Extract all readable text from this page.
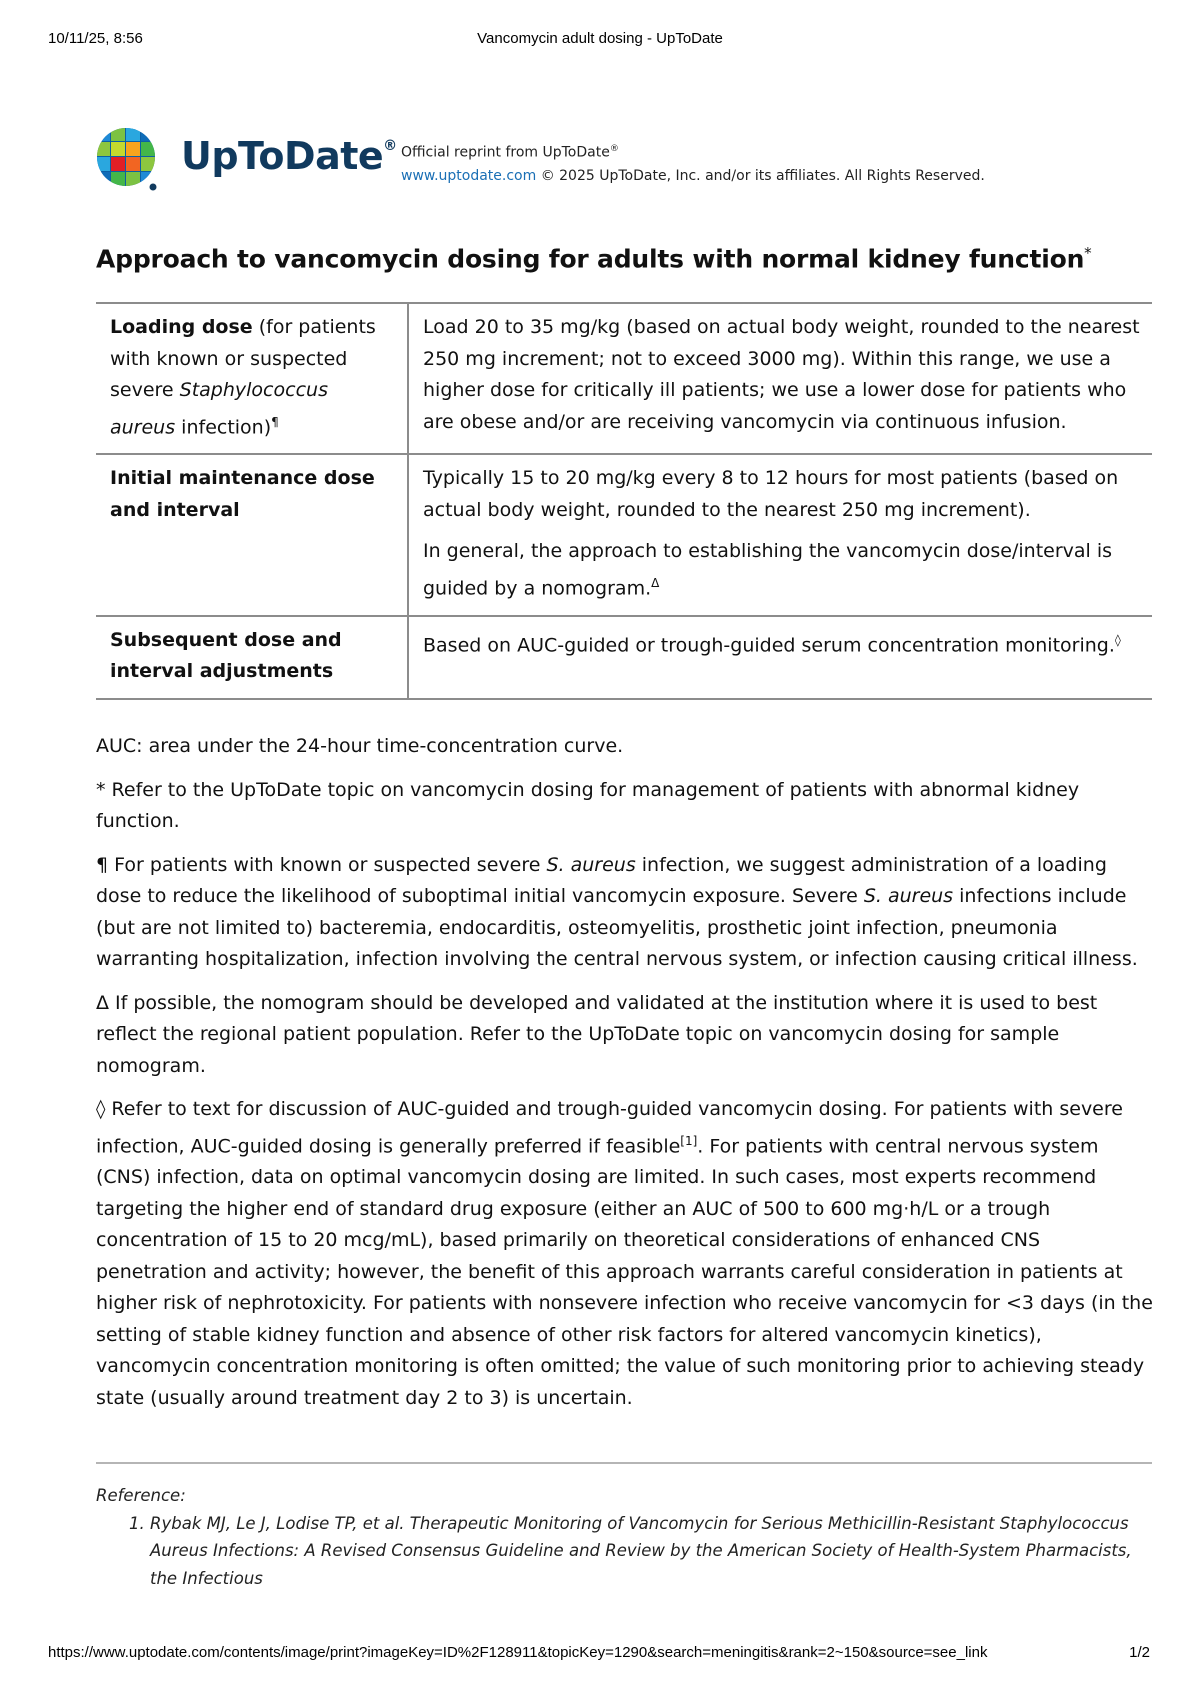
10/11/25, 8:56	Vancomycin adult dosing - UpToDate
UpToDate® Official reprint from UpToDate®
www.uptodate.com © 2025 UpToDate, Inc. and/or its affiliates. All Rights Reserved.
Approach to vancomycin dosing for adults with normal kidney function*
Loading dose (for patients with known or suspected severe Staphylococcus aureus infection)¶	Load 20 to 35 mg/kg (based on actual body weight, rounded to the nearest 250 mg increment; not to exceed 3000 mg). Within this range, we use a higher dose for critically ill patients; we use a lower dose for patients who are obese and/or are receiving vancomycin via continuous infusion.

Initial maintenance dose and interval	Typically 15 to 20 mg/kg every 8 to 12 hours for most patients (based on actual body weight, rounded to the nearest 250 mg increment).

In general, the approach to establishing the vancomycin dose/interval is guided by a nomogram.$^\Delta$

Subsequent dose and interval adjustments	Based on AUC-guided or trough-guided serum concentration monitoring.◊

AUC: area under the 24-hour time-concentration curve.

* Refer to the UpToDate topic on vancomycin dosing for management of patients with abnormal kidney function.

¶ For patients with known or suspected severe S. aureus infection, we suggest administration of a loading dose to reduce the likelihood of suboptimal initial vancomycin exposure. Severe S. aureus infections include (but are not limited to) bacteremia, endocarditis, osteomyelitis, prosthetic joint infection, pneumonia warranting hospitalization, infection involving the central nervous system, or infection causing critical illness.

Δ If possible, the nomogram should be developed and validated at the institution where it is used to best reflect the regional patient population. Refer to the UpToDate topic on vancomycin dosing for sample nomogram.

◊ Refer to text for discussion of AUC-guided and trough-guided vancomycin dosing. For patients with severe infection, AUC-guided dosing is generally preferred if feasible[1]. For patients with central nervous system (CNS) infection, data on optimal vancomycin dosing are limited. In such cases, most experts recommend targeting the higher end of standard drug exposure (either an AUC of 500 to 600 mg·h/L or a trough concentration of 15 to 20 mcg/mL), based primarily on theoretical considerations of enhanced CNS penetration and activity; however, the benefit of this approach warrants careful consideration in patients at higher risk of nephrotoxicity. For patients with nonsevere infection who receive vancomycin for <3 days (in the setting of stable kidney function and absence of other risk factors for altered vancomycin kinetics), vancomycin concentration monitoring is often omitted; the value of such monitoring prior to achieving steady state (usually around treatment day 2 to 3) is uncertain.

Reference:

1. Rybak MJ, Le J, Lodise TP, et al. Therapeutic Monitoring of Vancomycin for Serious Methicillin-Resistant Staphylococcus Aureus Infections: A Revised Consensus Guideline and Review by the American Society of Health-System Pharmacists, the Infectious
https://www.uptodate.com/contents/image/print?imageKey=ID%2F128911&topicKey=1290&search=meningitis&rank=2~150&source=see_link	1/2
